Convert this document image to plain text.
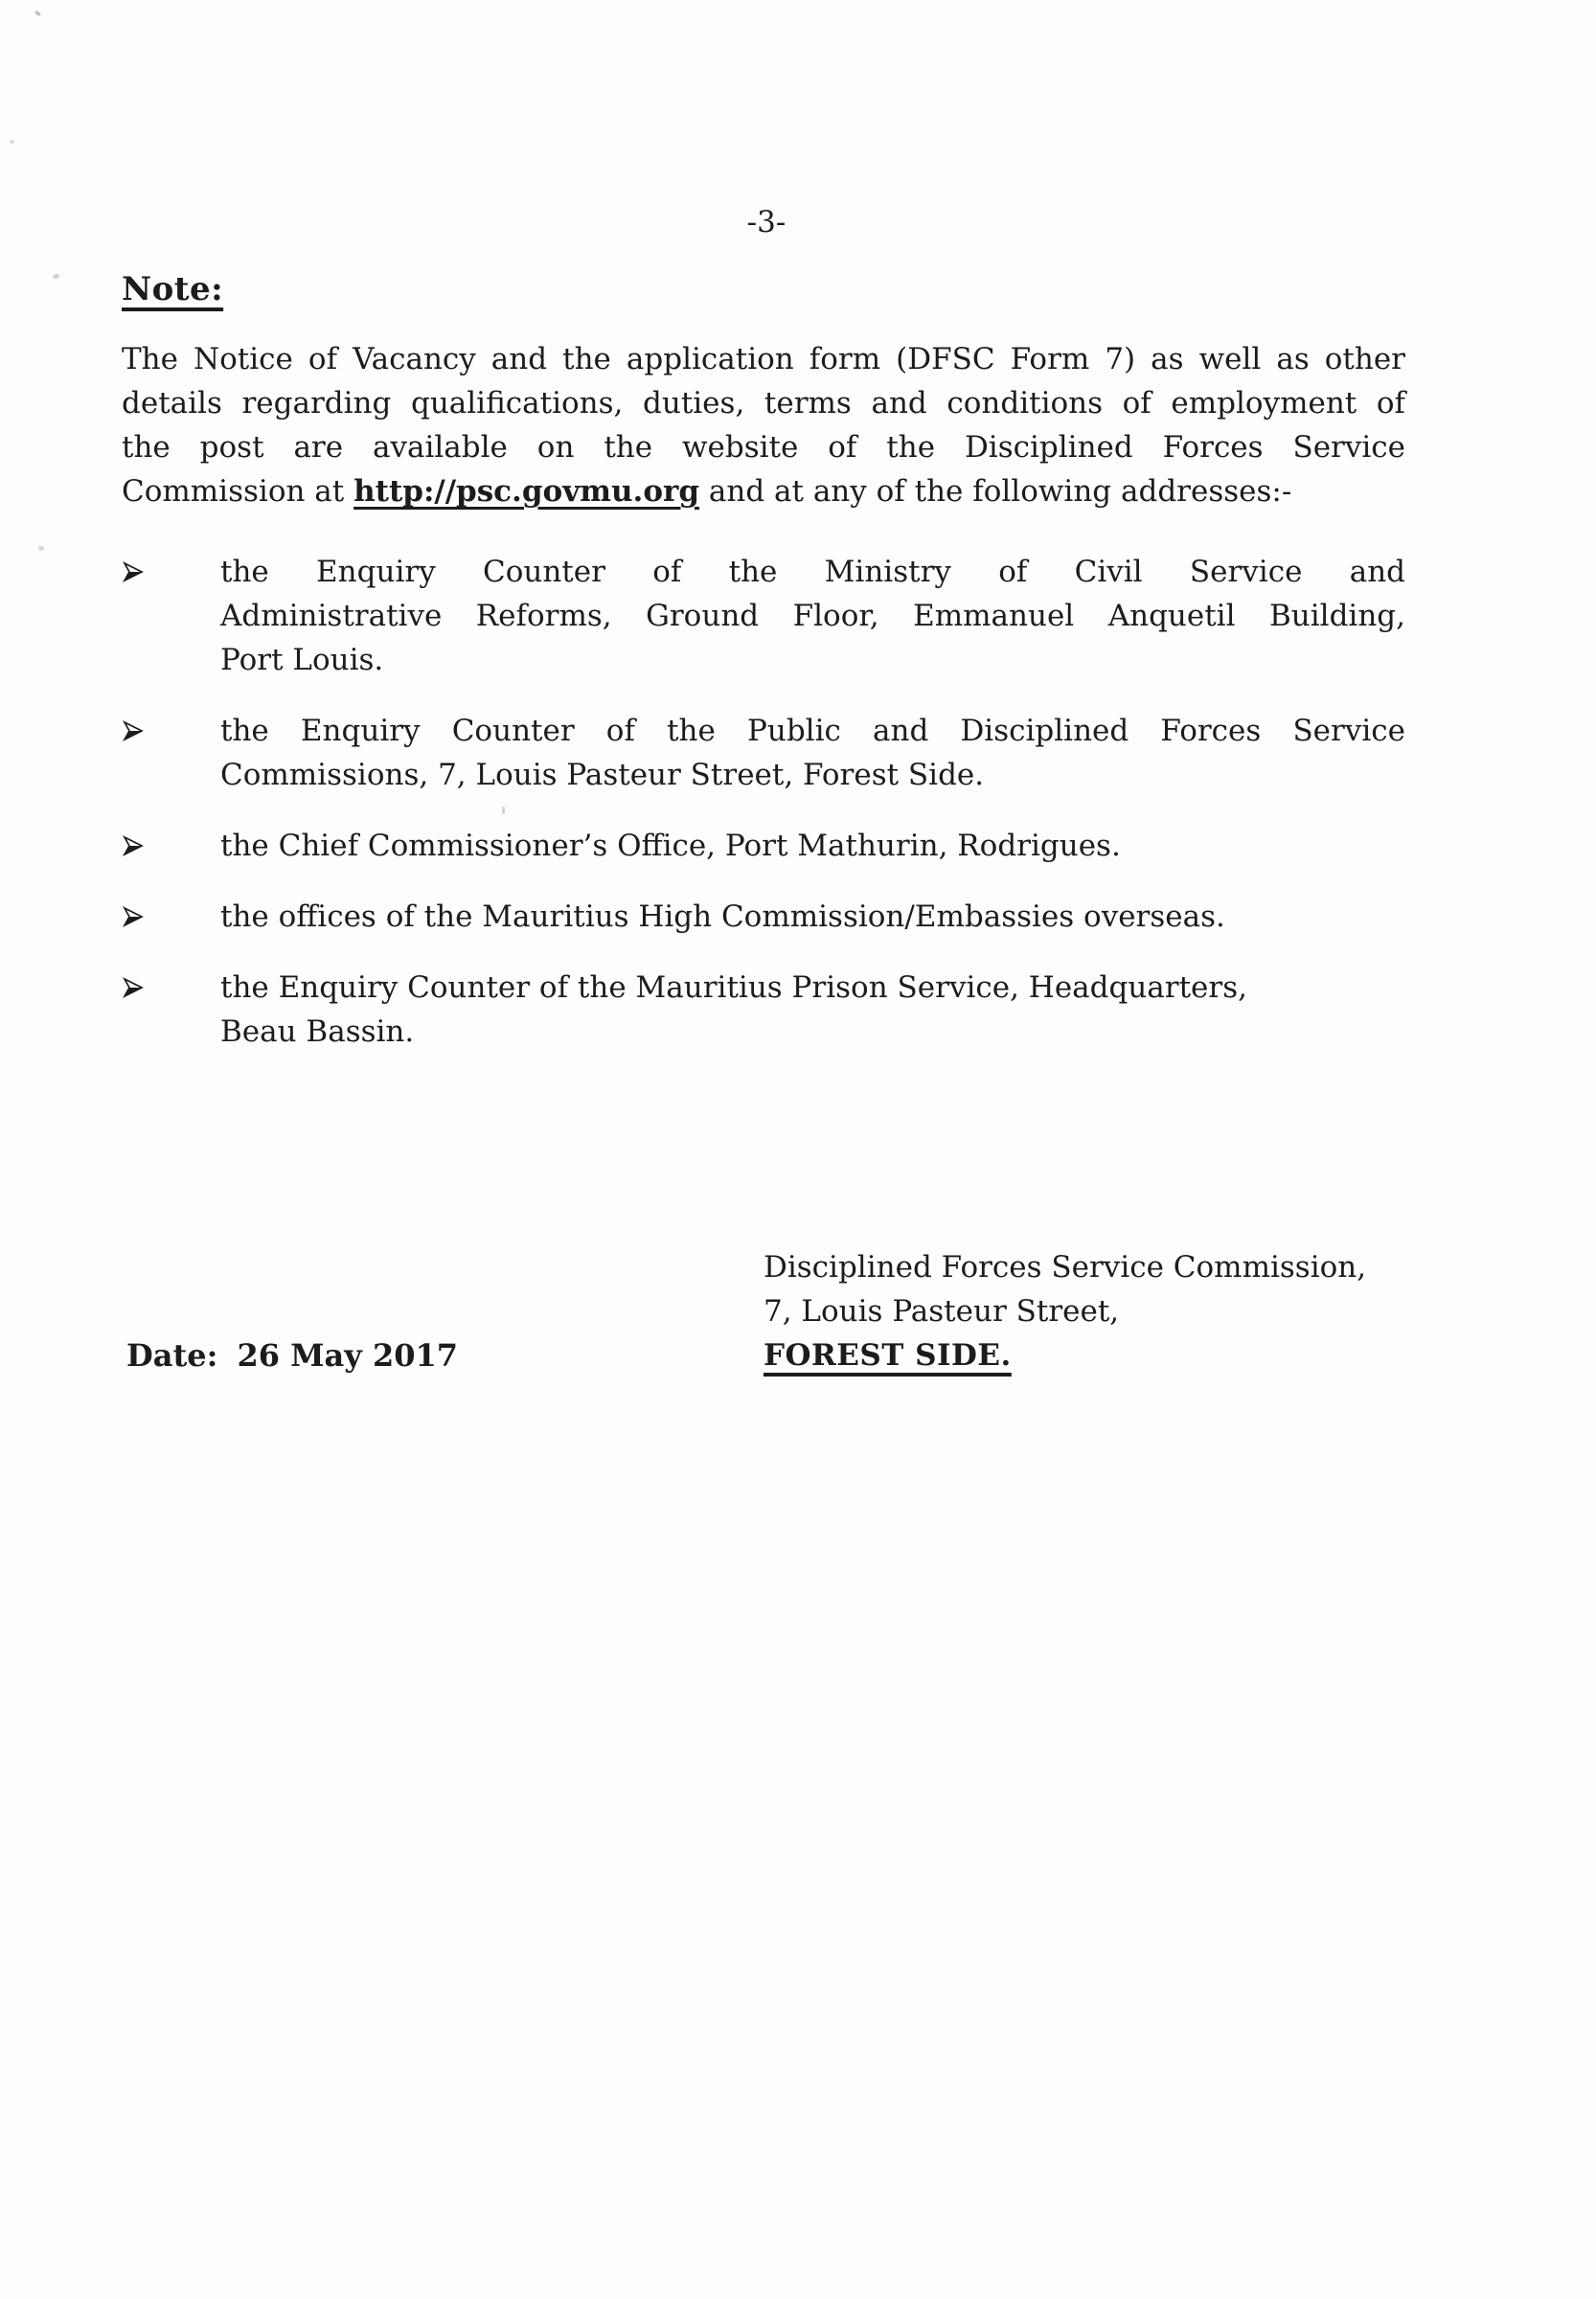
-3-
Note:
The Notice of Vacancy and the application form (DFSC Form 7) as well as other
details regarding qualifications, duties, terms and conditions of employment of
the post are available on the website of the Disciplined Forces Service
Commission at http://psc.govmu.org and at any of the following addresses:-
the Enquiry Counter of the Ministry of Civil Service and
Administrative Reforms, Ground Floor, Emmanuel Anquetil Building,
Port Louis.
the Enquiry Counter of the Public and Disciplined Forces Service
Commissions, 7, Louis Pasteur Street, Forest Side.
the Chief Commissioner’s Office, Port Mathurin, Rodrigues.
the offices of the Mauritius High Commission/Embassies overseas.
the Enquiry Counter of the Mauritius Prison Service, Headquarters,
Beau Bassin.
Disciplined Forces Service Commission,
7, Louis Pasteur Street,
FOREST SIDE.
Date: 26 May 2017
